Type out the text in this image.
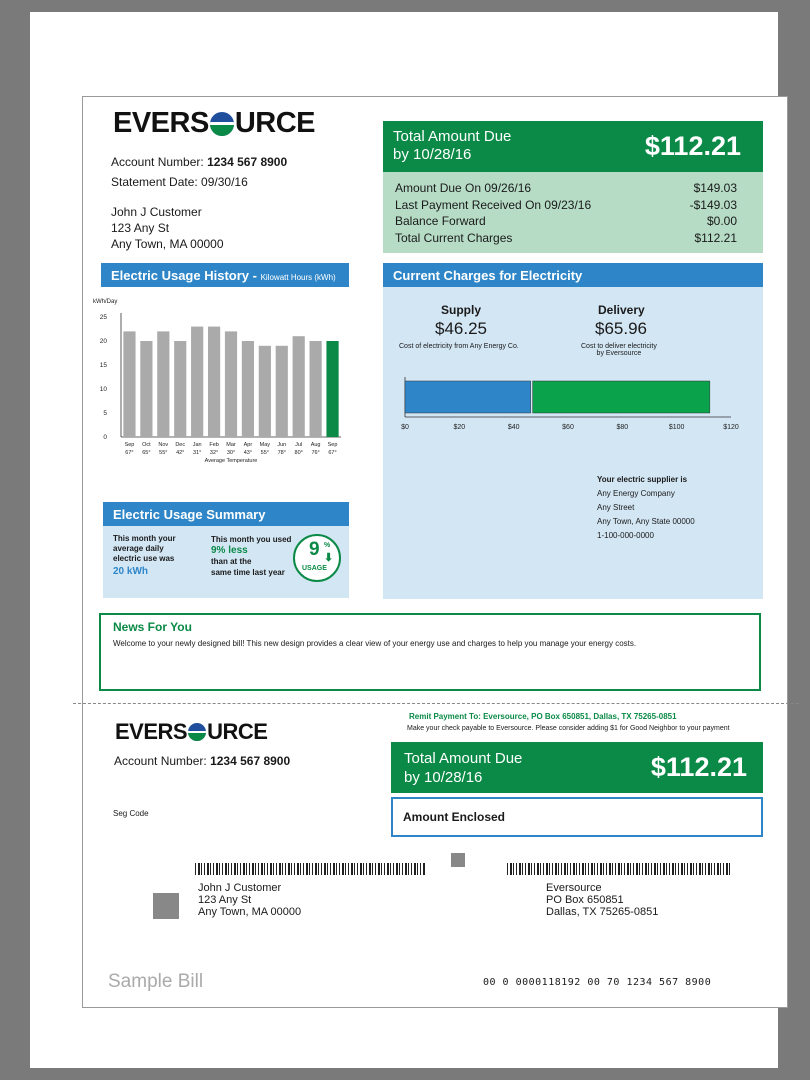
EVERS URCE
Account Number: 1234 567 8900
Statement Date: 09/30/16
John J Customer
123 Any St
Any Town, MA 00000
Total Amount Due
by 10/28/16	$112.21
Amount Due On 09/26/16	$149.03
Last Payment Received On 09/23/16	-$149.03
Balance Forward	$0.00
Total Current Charges	$112.21
Electric Usage History - Kilowatt Hours (kWh)
kWh/Day
25
20
15
10
5
0
Sep
67°
Oct
65°
Nov
55°
Dec
42°
Jan
31°
Feb
32°
Mar
30°
Apr
43°
May
55°
Jun
78°
Jul
80°
Aug
76°
Sep
67°
Average Temperature
Current Charges for Electricity
Supply
$46.25
Cost of electricity from Any Energy Co.
Delivery
$65.96
Cost to deliver electricity
by Eversource
$0	$20	$40	$60	$80	$100	$120
Your electric supplier is
Any Energy Company
Any Street
Any Town, Any State 00000
1-100-000-0000
Electric Usage Summary
This month your
average daily
electric use was
20 kWh
This month you used
9% less
than at the
same time last year
9 %
⬇
USAGE
News For You
Welcome to your newly designed bill! This new design provides a clear view of your energy use and charges to help you manage your energy costs.
EVERS URCE
Account Number: 1234 567 8900
Seg Code
Remit Payment To: Eversource, PO Box 650851, Dallas, TX 75265-0851
Make your check payable to Eversource. Please consider adding $1 for Good Neighbor to your payment
Total Amount Due
by 10/28/16	$112.21
Amount Enclosed
John J Customer
123 Any St
Any Town, MA 00000
Eversource
PO Box 650851
Dallas, TX 75265-0851
Sample Bill	00 0 0000118192 00 70 1234 567 8900
